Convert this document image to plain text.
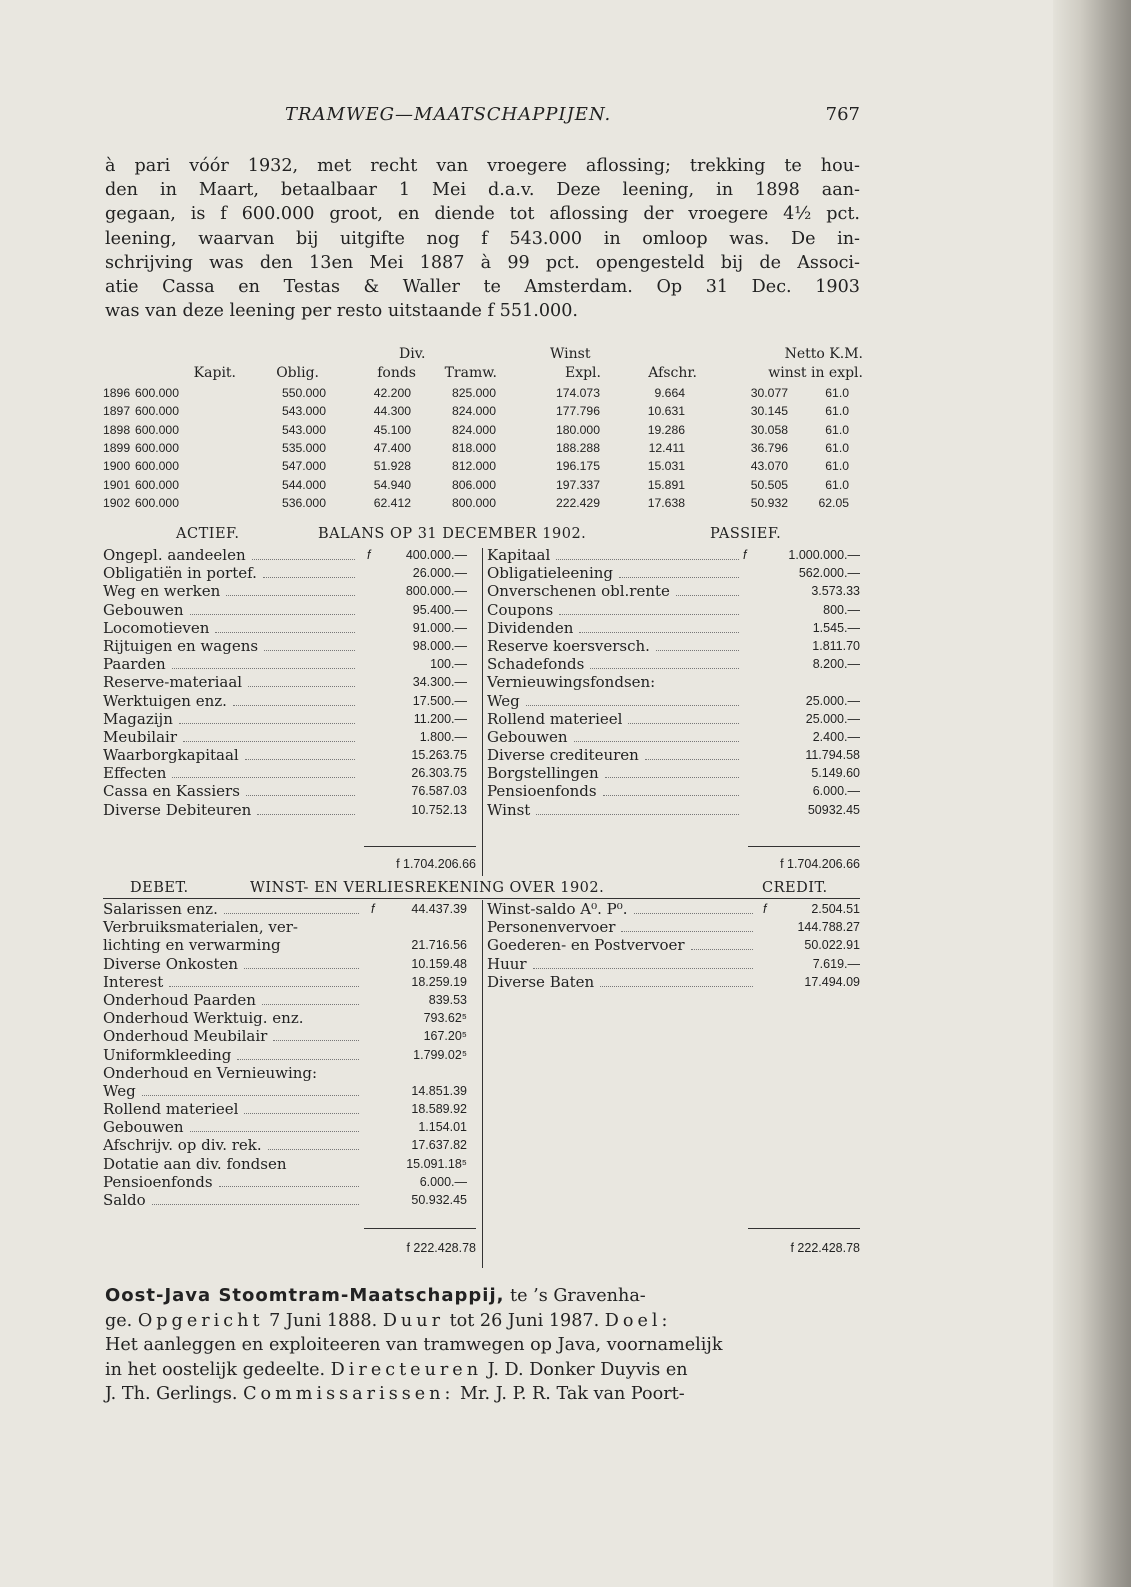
TRAMWEG—MAATSCHAPPIJEN.	767

à pari vóór 1932, met recht van vroegere aflossing; trekking te hou-

den in Maart, betaalbaar 1 Mei d.a.v. Deze leening, in 1898 aan-

gegaan, is f 600.000 groot, en diende tot aflossing der vroegere 4½ pct.

leening, waarvan bij uitgifte nog f 543.000 in omloop was. De in-

schrijving was den 13en Mei 1887 à 99 pct. opengesteld bij de Associ-

atie Cassa en Testas & Waller te Amsterdam. Op 31 Dec. 1903

was van deze leening per resto uitstaande f 551.000.

Div.	Winst	Netto K.M.
Kapit.	Oblig.	fonds Tramw.	Expl.	Afschr.	winst in expl.
1896 600.000	550.000	42.200	825.000	174.073	9.664	30.077	61.0
1897 600.000	543.000	44.300	824.000	177.796	10.631	30.145	61.0
1898 600.000	543.000	45.100	824.000	180.000	19.286	30.058	61.0
1899 600.000	535.000	47.400	818.000	188.288	12.411	36.796	61.0
1900 600.000	547.000	51.928	812.000	196.175	15.031	43.070	61.0
1901 600.000	544.000	54.940	806.000	197.337	15.891	50.505	61.0
1902 600.000	536.000	62.412	800.000	222.429	17.638	50.932	62.05
ACTIEF.	BALANS OP 31 DECEMBER 1902.	PASSIEF.
Ongepl. aandeelen	f	400.000.—
Obligatiën in portef.	26.000.—
Weg en werken	800.000.—
Gebouwen	95.400.—
Locomotieven	91.000.—
Rijtuigen en wagens	98.000.—
Paarden	100.—
Reserve-materiaal	34.300.—
Werktuigen enz.	17.500.—
Magazijn	11.200.—
Meubilair	1.800.—
Waarborgkapitaal	15.263.75
Effecten	26.303.75
Cassa en Kassiers	76.587.03
Diverse Debiteuren	10.752.13
Kapitaal	f	1.000.000.—
Obligatieleening	562.000.—
Onverschenen obl.rente	3.573.33
Coupons	800.—
Dividenden	1.545.—
Reserve koersversch.	1.811.70
Schadefonds	8.200.—
Vernieuwingsfondsen:
Weg	25.000.—
Rollend materieel	25.000.—
Gebouwen	2.400.—
Diverse crediteuren	11.794.58
Borgstellingen	5.149.60
Pensioenfonds	6.000.—
Winst	50932.45
f 1.704.206.66	f 1.704.206.66
DEBET.	WINST- EN VERLIESREKENING OVER 1902.	CREDIT.
Salarissen enz.	f	44.437.39
Verbruiksmaterialen, ver-
lichting en verwarming	21.716.56
Diverse Onkosten	10.159.48
Interest	18.259.19
Onderhoud Paarden	839.53
Onderhoud Werktuig. enz.	793.62⁵
Onderhoud Meubilair	167.20⁵
Uniformkleeding	1.799.02⁵
Onderhoud en Vernieuwing:
Weg	14.851.39
Rollend materieel	18.589.92
Gebouwen	1.154.01
Afschrijv. op div. rek.	17.637.82
Dotatie aan div. fondsen	15.091.18⁵
Pensioenfonds	6.000.—
Saldo	50.932.45
Winst-saldo A⁰. P⁰.	f	2.504.51
Personenvervoer	144.788.27
Goederen- en Postvervoer	50.022.91
Huur	7.619.—
Diverse Baten	17.494.09
f 222.428.78	f 222.428.78

Oost-Java Stoomtram-Maatschappij, te ’s Gravenha-

ge. Opgericht 7 Juni 1888. Duur tot 26 Juni 1987. Doel:

Het aanleggen en exploiteeren van tramwegen op Java, voornamelijk

in het oostelijk gedeelte. Directeuren J. D. Donker Duyvis en

J. Th. Gerlings. Commissarissen: Mr. J. P. R. Tak van Poort-
